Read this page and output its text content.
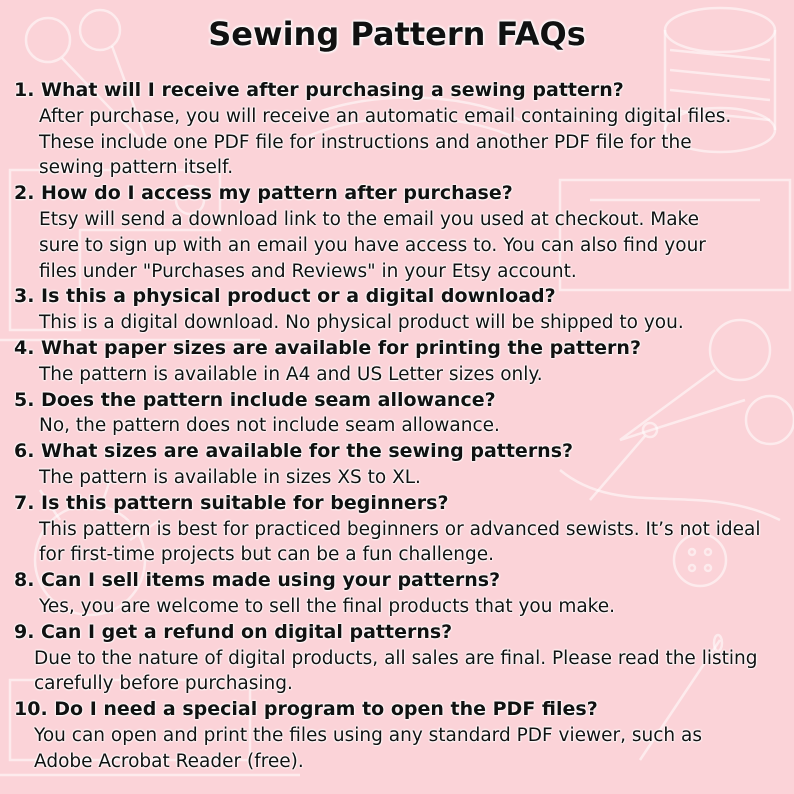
Sewing Pattern FAQs
1. What will I receive after purchasing a sewing pattern?
After purchase, you will receive an automatic email containing digital files.
These include one PDF file for instructions and another PDF file for the
sewing pattern itself.
2. How do I access my pattern after purchase?
Etsy will send a download link to the email you used at checkout. Make
sure to sign up with an email you have access to. You can also find your
files under "Purchases and Reviews" in your Etsy account.
3. Is this a physical product or a digital download?
This is a digital download. No physical product will be shipped to you.
4. What paper sizes are available for printing the pattern?
The pattern is available in A4 and US Letter sizes only.
5. Does the pattern include seam allowance?
No, the pattern does not include seam allowance.
6. What sizes are available for the sewing patterns?
The pattern is available in sizes XS to XL.
7. Is this pattern suitable for beginners?
This pattern is best for practiced beginners or advanced sewists. It’s not ideal
for first-time projects but can be a fun challenge.
8. Can I sell items made using your patterns?
Yes, you are welcome to sell the final products that you make.
9. Can I get a refund on digital patterns?
Due to the nature of digital products, all sales are final. Please read the listing
carefully before purchasing.
10. Do I need a special program to open the PDF files?
You can open and print the files using any standard PDF viewer, such as
Adobe Acrobat Reader (free).
